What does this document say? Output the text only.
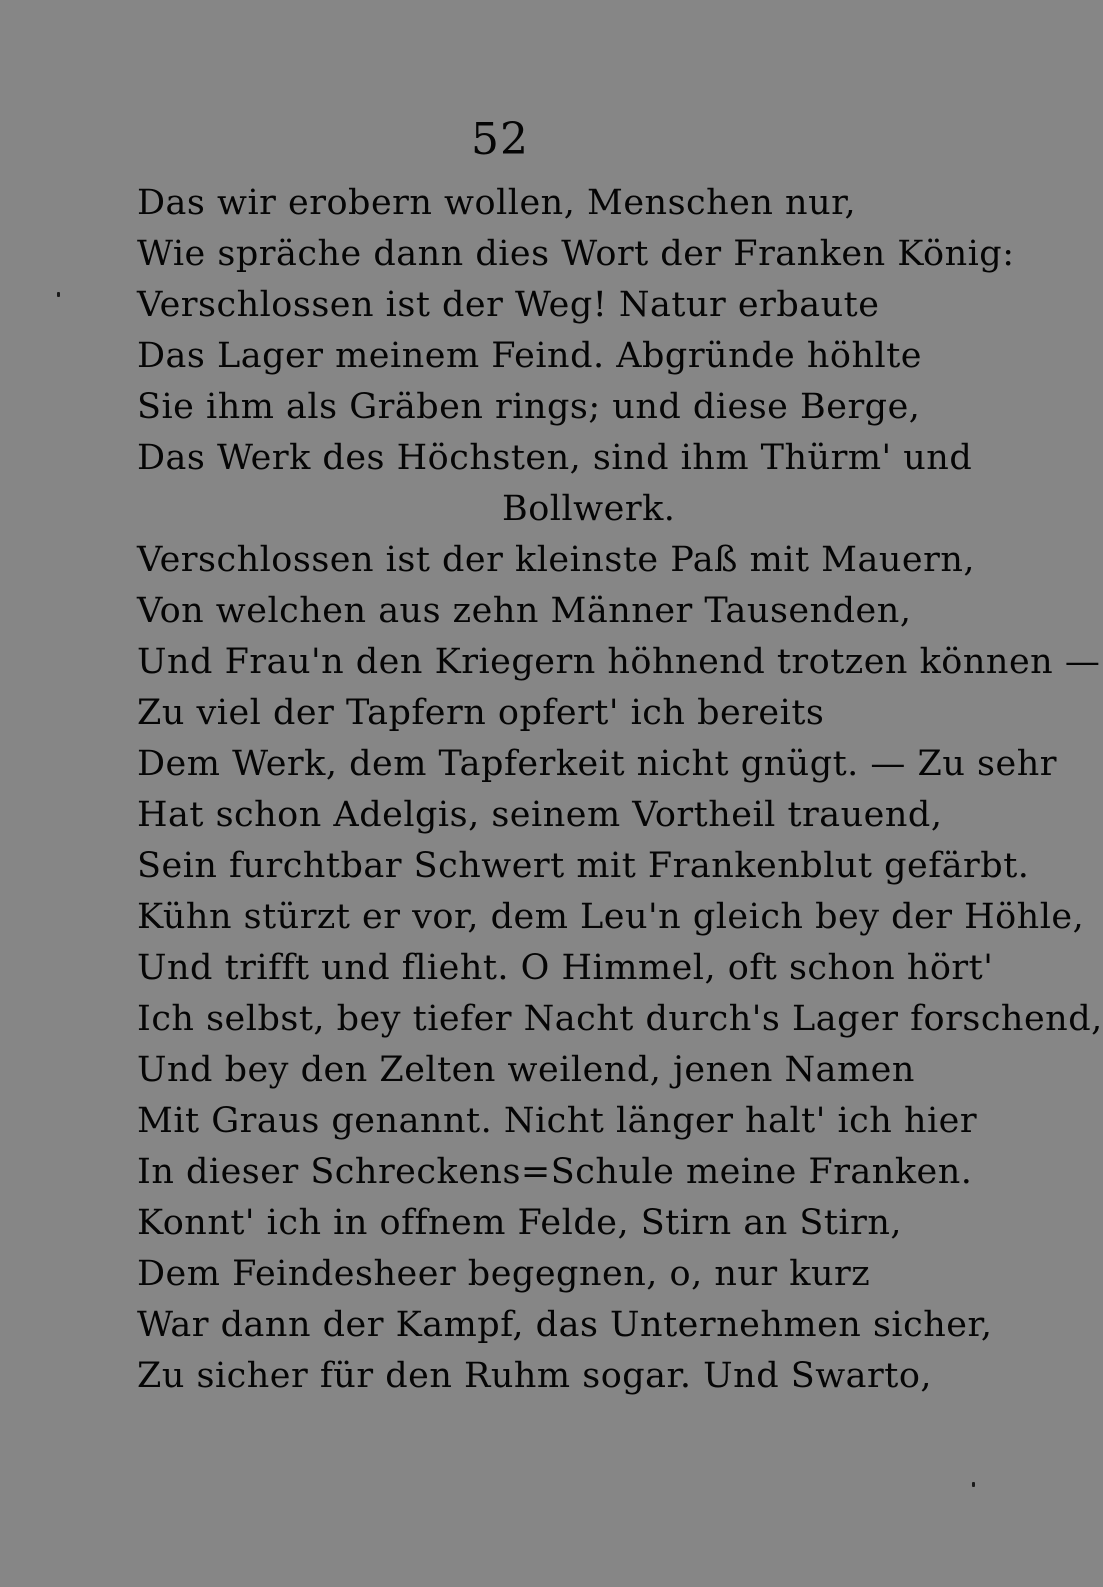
52
Das wir erobern wollen, Menschen nur,
Wie spräche dann dies Wort der Franken König:
Verschlossen ist der Weg! Natur erbaute
Das Lager meinem Feind. Abgründe höhlte
Sie ihm als Gräben rings; und diese Berge,
Das Werk des Höchsten, sind ihm Thürm' und
Bollwerk.
Verschlossen ist der kleinste Paß mit Mauern,
Von welchen aus zehn Männer Tausenden,
Und Frau'n den Kriegern höhnend trotzen können —
Zu viel der Tapfern opfert' ich bereits
Dem Werk, dem Tapferkeit nicht gnügt. — Zu sehr
Hat schon Adelgis, seinem Vortheil trauend,
Sein furchtbar Schwert mit Frankenblut gefärbt.
Kühn stürzt er vor, dem Leu'n gleich bey der Höhle,
Und trifft und flieht. O Himmel, oft schon hört'
Ich selbst, bey tiefer Nacht durch's Lager forschend,
Und bey den Zelten weilend, jenen Namen
Mit Graus genannt. Nicht länger halt' ich hier
In dieser Schreckens=Schule meine Franken.
Konnt' ich in offnem Felde, Stirn an Stirn,
Dem Feindesheer begegnen, o, nur kurz
War dann der Kampf, das Unternehmen sicher,
Zu sicher für den Ruhm sogar. Und Swarto,
